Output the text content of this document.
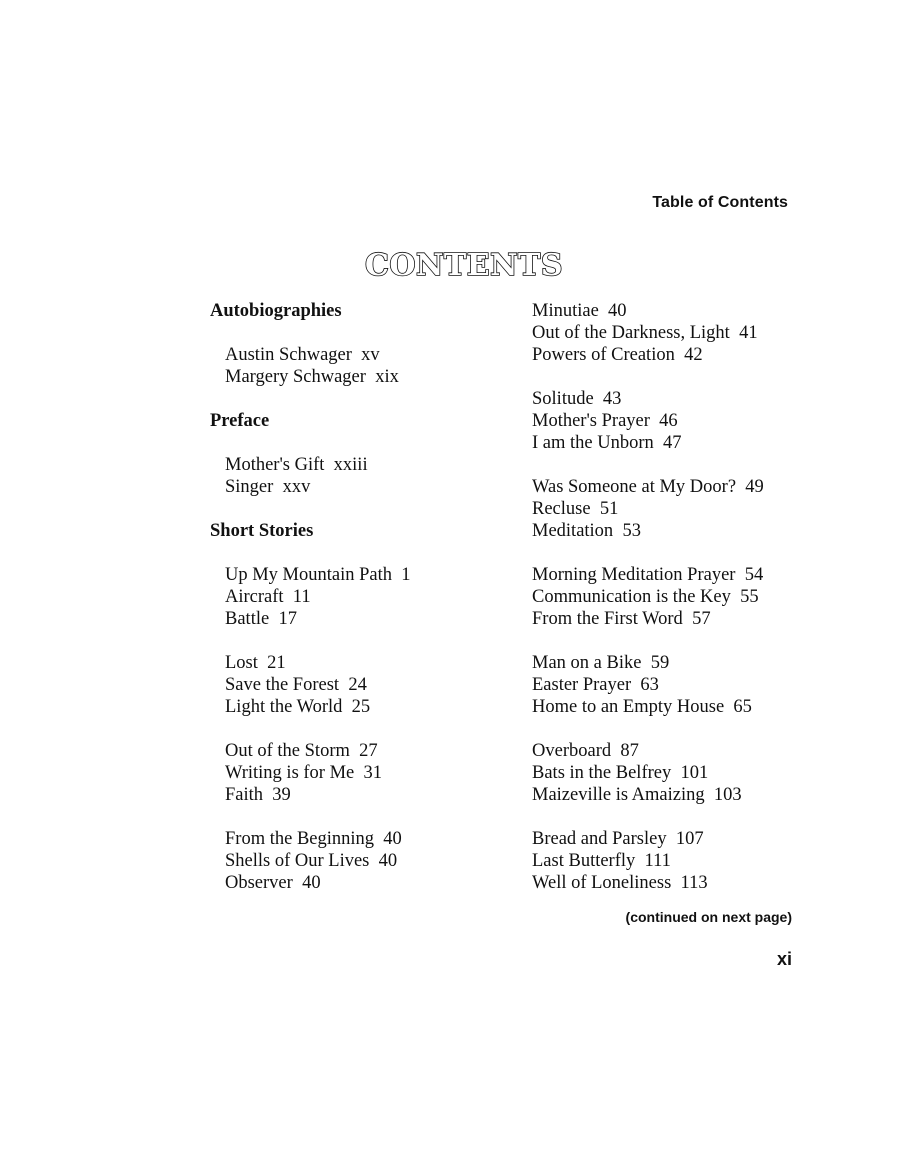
Table of Contents
CONTENTS
Autobiographies
Austin Schwager xv
Margery Schwager xix
Preface
Mother's Gift xxiii
Singer xxv
Short Stories
Up My Mountain Path 1
Aircraft 11
Battle 17
Lost 21
Save the Forest 24
Light the World 25
Out of the Storm 27
Writing is for Me 31
Faith 39
From the Beginning 40
Shells of Our Lives 40
Observer 40
Minutiae 40
Out of the Darkness, Light 41
Powers of Creation 42
Solitude 43
Mother's Prayer 46
I am the Unborn 47
Was Someone at My Door? 49
Recluse 51
Meditation 53
Morning Meditation Prayer 54
Communication is the Key 55
From the First Word 57
Man on a Bike 59
Easter Prayer 63
Home to an Empty House 65
Overboard 87
Bats in the Belfrey 101
Maizeville is Amaizing 103
Bread and Parsley 107
Last Butterfly 111
Well of Loneliness 113
(continued on next page)
xi
